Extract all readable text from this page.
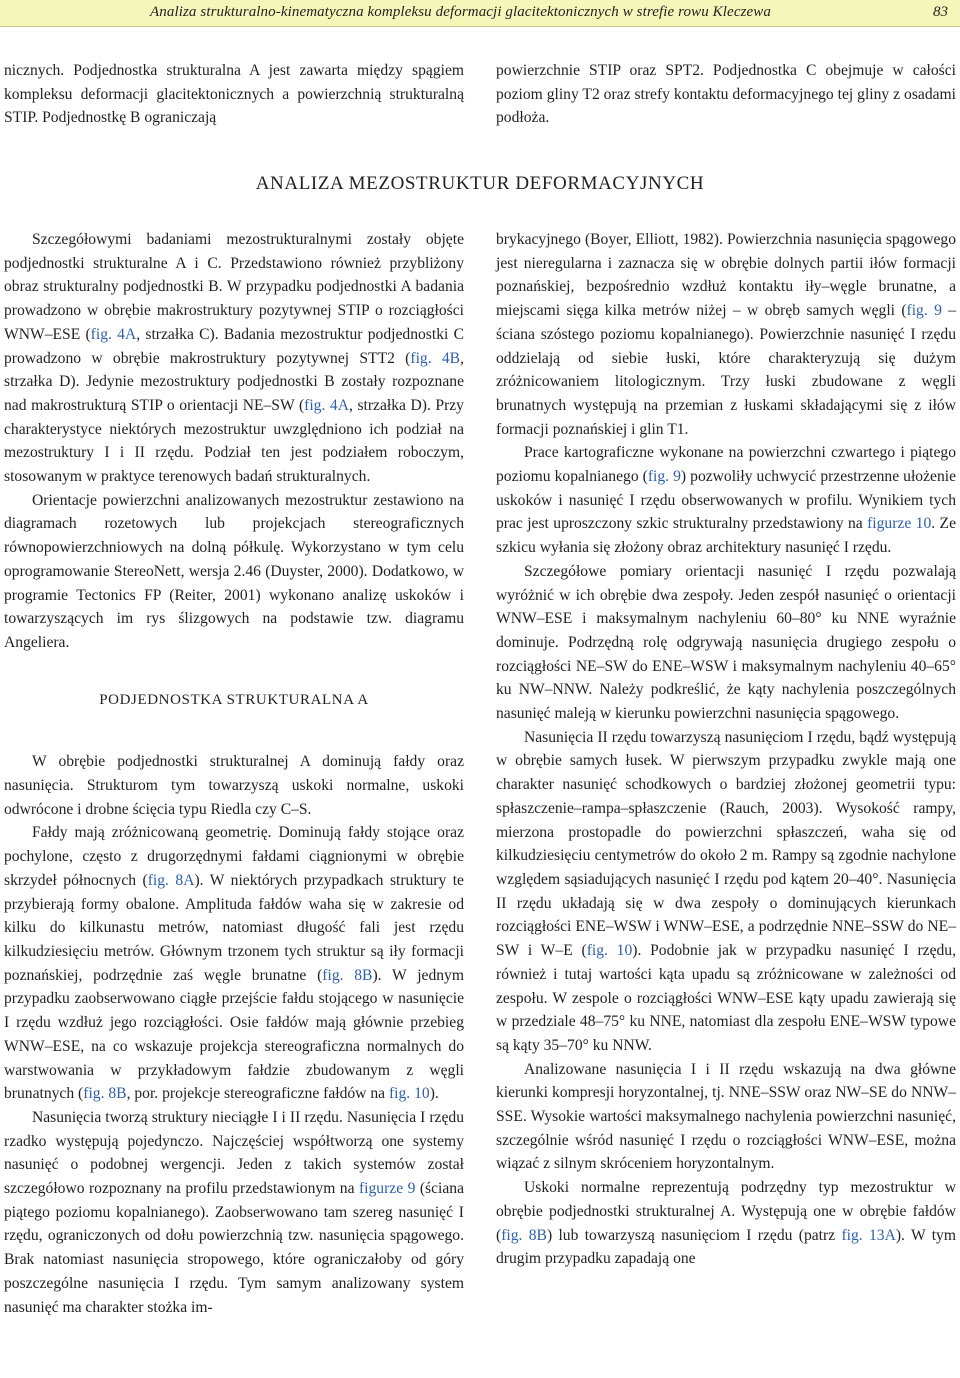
Analiza strukturalno-kinematyczna kompleksu deformacji glacitektonicznych w strefie rowu Kleczewa	83

nicznych. Podjednostka strukturalna A jest zawarta między spągiem kompleksu deformacji glacitektonicznych a powierzchnią strukturalną STIP. Podjednostkę B ograniczają

powierzchnie STIP oraz SPT2. Podjednostka C obejmuje w całości poziom gliny T2 oraz strefy kontaktu deformacyjnego tej gliny z osadami podłoża.

ANALIZA MEZOSTRUKTUR DEFORMACYJNYCH

Szczegółowymi badaniami mezostrukturalnymi zostały objęte podjednostki strukturalne A i C. Przedstawiono również przybliżony obraz strukturalny podjednostki B. W przypadku podjednostki A badania prowadzono w obrębie makrostruktury pozytywnej STIP o rozciągłości WNW–ESE (fig. 4A, strzałka C). Badania mezostruktur podjednostki C prowadzono w obrębie makrostruktury pozytywnej STT2 (fig. 4B, strzałka D). Jedynie mezostruktury podjednostki B zostały rozpoznane nad makrostrukturą STIP o orientacji NE–SW (fig. 4A, strzałka D). Przy charakterystyce niektórych mezostruktur uwzględniono ich podział na mezostruktury I i II rzędu. Podział ten jest podziałem roboczym, stosowanym w praktyce terenowych badań strukturalnych.

Orientacje powierzchni analizowanych mezostruktur zestawiono na diagramach rozetowych lub projekcjach stereograficznych równopowierzchniowych na dolną półkulę. Wykorzystano w tym celu oprogramowanie StereoNett, wersja 2.46 (Duyster, 2000). Dodatkowo, w programie Tectonics FP (Reiter, 2001) wykonano analizę uskoków i towarzyszących im rys ślizgowych na podstawie tzw. diagramu Angeliera.

PODJEDNOSTKA STRUKTURALNA A

W obrębie podjednostki strukturalnej A dominują fałdy oraz nasunięcia. Strukturom tym towarzyszą uskoki normalne, uskoki odwrócone i drobne ścięcia typu Riedla czy C–S.

Fałdy mają zróżnicowaną geometrię. Dominują fałdy stojące oraz pochylone, często z drugorzędnymi fałdami ciągnionymi w obrębie skrzydeł północnych (fig. 8A). W niektórych przypadkach struktury te przybierają formy obalone. Amplituda fałdów waha się w zakresie od kilku do kilkunastu metrów, natomiast długość fali jest rzędu kilkudziesięciu metrów. Głównym trzonem tych struktur są iły formacji poznańskiej, podrzędnie zaś węgle brunatne (fig. 8B). W jednym przypadku zaobserwowano ciągłe przejście fałdu stojącego w nasunięcie I rzędu wzdłuż jego rozciągłości. Osie fałdów mają głównie przebieg WNW–ESE, na co wskazuje projekcja stereograficzna normalnych do warstwowania w przykładowym fałdzie zbudowanym z węgli brunatnych (fig. 8B, por. projekcje stereograficzne fałdów na fig. 10).

Nasunięcia tworzą struktury nieciągłe I i II rzędu. Nasunięcia I rzędu rzadko występują pojedynczo. Najczęściej współtworzą one systemy nasunięć o podobnej wergencji. Jeden z takich systemów został szczegółowo rozpoznany na profilu przedstawionym na figurze 9 (ściana piątego poziomu kopalnianego). Zaobserwowano tam szereg nasunięć I rzędu, ograniczonych od dołu powierzchnią tzw. nasunięcia spągowego. Brak natomiast nasunięcia stropowego, które ograniczałoby od góry poszczególne nasunięcia I rzędu. Tym samym analizowany system nasunięć ma charakter stożka im-

brykacyjnego (Boyer, Elliott, 1982). Powierzchnia nasunięcia spągowego jest nieregularna i zaznacza się w obrębie dolnych partii iłów formacji poznańskiej, bezpośrednio wzdłuż kontaktu iły–węgle brunatne, a miejscami sięga kilka metrów niżej – w obręb samych węgli (fig. 9 – ściana szóstego poziomu kopalnianego). Powierzchnie nasunięć I rzędu oddzielają od siebie łuski, które charakteryzują się dużym zróżnicowaniem litologicznym. Trzy łuski zbudowane z węgli brunatnych występują na przemian z łuskami składającymi się z iłów formacji poznańskiej i glin T1.

Prace kartograficzne wykonane na powierzchni czwartego i piątego poziomu kopalnianego (fig. 9) pozwoliły uchwycić przestrzenne ułożenie uskoków i nasunięć I rzędu obserwowanych w profilu. Wynikiem tych prac jest uproszczony szkic strukturalny przedstawiony na figurze 10. Ze szkicu wyłania się złożony obraz architektury nasunięć I rzędu.

Szczegółowe pomiary orientacji nasunięć I rzędu pozwalają wyróżnić w ich obrębie dwa zespoły. Jeden zespół nasunięć o orientacji WNW–ESE i maksymalnym nachyleniu 60–80° ku NNE wyraźnie dominuje. Podrzędną rolę odgrywają nasunięcia drugiego zespołu o rozciągłości NE–SW do ENE–WSW i maksymalnym nachyleniu 40–65° ku NW–NNW. Należy podkreślić, że kąty nachylenia poszczególnych nasunięć maleją w kierunku powierzchni nasunięcia spągowego.

Nasunięcia II rzędu towarzyszą nasunięciom I rzędu, bądź występują w obrębie samych łusek. W pierwszym przypadku zwykle mają one charakter nasunięć schodkowych o bardziej złożonej geometrii typu: spłaszczenie–rampa–spłaszczenie (Rauch, 2003). Wysokość rampy, mierzona prostopadle do powierzchni spłaszczeń, waha się od kilkudziesięciu centymetrów do około 2 m. Rampy są zgodnie nachylone względem sąsiadujących nasunięć I rzędu pod kątem 20–40°. Nasunięcia II rzędu układają się w dwa zespoły o dominujących kierunkach rozciągłości ENE–WSW i WNW–ESE, a podrzędnie NNE–SSW do NE–SW i W–E (fig. 10). Podobnie jak w przypadku nasunięć I rzędu, również i tutaj wartości kąta upadu są zróżnicowane w zależności od zespołu. W zespole o rozciągłości WNW–ESE kąty upadu zawierają się w przedziale 48–75° ku NNE, natomiast dla zespołu ENE–WSW typowe są kąty 35–70° ku NNW.

Analizowane nasunięcia I i II rzędu wskazują na dwa główne kierunki kompresji horyzontalnej, tj. NNE–SSW oraz NW–SE do NNW–SSE. Wysokie wartości maksymalnego nachylenia powierzchni nasunięć, szczególnie wśród nasunięć I rzędu o rozciągłości WNW–ESE, można wiązać z silnym skróceniem horyzontalnym.

Uskoki normalne reprezentują podrzędny typ mezostruktur w obrębie podjednostki strukturalnej A. Występują one w obrębie fałdów (fig. 8B) lub towarzyszą nasunięciom I rzędu (patrz fig. 13A). W tym drugim przypadku zapadają one
